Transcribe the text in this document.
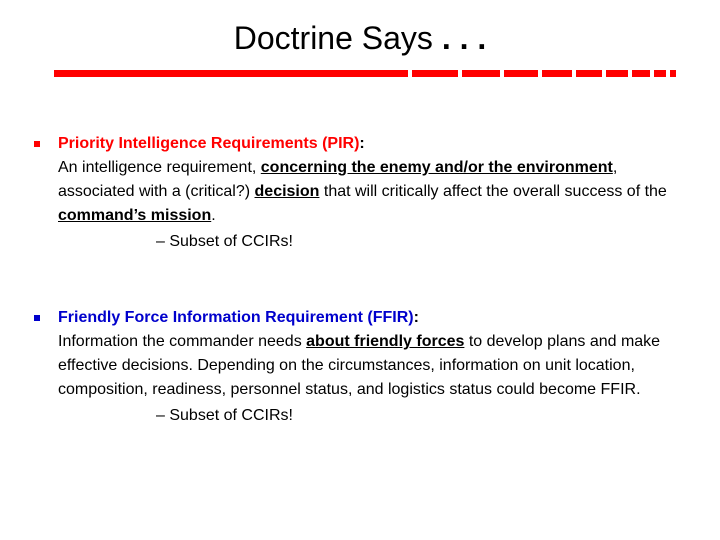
Doctrine Says . . .
Priority Intelligence Requirements (PIR):
An intelligence requirement, concerning the enemy and/or the environment, associated with a (critical?) decision that will critically affect the overall success of the command’s mission.
– Subset of CCIRs!
Friendly Force Information Requirement (FFIR):
Information the commander needs about friendly forces to develop plans and make effective decisions. Depending on the circumstances, information on unit location, composition, readiness, personnel status, and logistics status could become FFIR.
– Subset of CCIRs!
